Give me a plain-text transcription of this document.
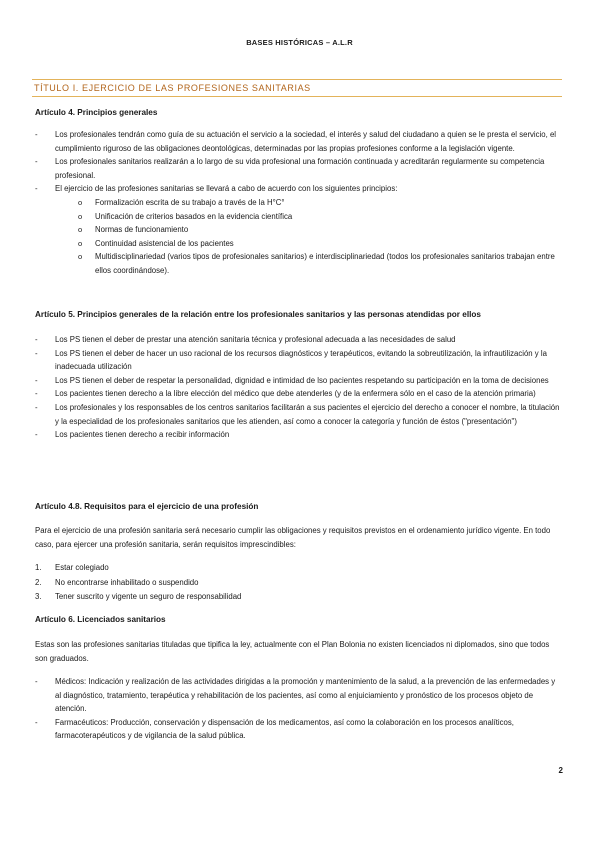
BASES HISTÓRICAS – A.L.R
TÍTULO I. EJERCICIO DE LAS PROFESIONES SANITARIAS
Artículo 4. Principios generales
- Los profesionales tendrán como guía de su actuación el servicio a la sociedad, el interés y salud del ciudadano a quien se le presta el servicio, el cumplimiento riguroso de las obligaciones deontológicas, determinadas por las propias profesiones conforme a la legislación vigente.
- Los profesionales sanitarios realizarán a lo largo de su vida profesional una formación continuada y acreditarán regularmente su competencia profesional.
- El ejercicio de las profesiones sanitarias se llevará a cabo de acuerdo con los siguientes principios:
o Formalización escrita de su trabajo a través de la H°C°
o Unificación de criterios basados en la evidencia científica
o Normas de funcionamiento
o Continuidad asistencial de los pacientes
o Multidisciplinariedad (varios tipos de profesionales sanitarios) e interdisciplinariedad (todos los profesionales sanitarios trabajan entre ellos coordinándose).
Artículo 5. Principios generales de la relación entre los profesionales sanitarios y las personas atendidas por ellos
- Los PS tienen el deber de prestar una atención sanitaria técnica y profesional adecuada a las necesidades de salud
- Los PS tienen el deber de hacer un uso racional de los recursos diagnósticos y terapéuticos, evitando la sobreutilización, la infrautilización y la inadecuada utilización
- Los PS tienen el deber de respetar la personalidad, dignidad e intimidad de lso pacientes respetando su participación en la toma de decisiones
- Los pacientes tienen derecho a la libre elección del médico que debe atenderles (y de la enfermera sólo en el caso de la atención primaria)
- Los profesionales y los responsables de los centros sanitarios facilitarán a sus pacientes el ejercicio del derecho a conocer el nombre, la titulación y la especialidad de los profesionales sanitarios que les atienden, así como a conocer la categoría y función de éstos ("presentación")
- Los pacientes tienen derecho a recibir información
Artículo 4.8. Requisitos para el ejercicio de una profesión
Para el ejercicio de una profesión sanitaria será necesario cumplir las obligaciones y requisitos previstos en el ordenamiento jurídico vigente. En todo caso, para ejercer una profesión sanitaria, serán requisitos imprescindibles:
1. Estar colegiado
2. No encontrarse inhabilitado o suspendido
3. Tener suscrito y vigente un seguro de responsabilidad
Artículo 6. Licenciados sanitarios
Estas son las profesiones sanitarias tituladas que tipifica la ley, actualmente con el Plan Bolonia no existen licenciados ni diplomados, sino que todos son graduados.
- Médicos: Indicación y realización de las actividades dirigidas a la promoción y mantenimiento de la salud, a la prevención de las enfermedades y al diagnóstico, tratamiento, terapéutica y rehabilitación de los pacientes, así como al enjuiciamiento y pronóstico de los procesos objeto de atención.
- Farmacéuticos: Producción, conservación y dispensación de los medicamentos, así como la colaboración en los procesos analíticos, farmacoterapéuticos y de vigilancia de la salud pública.
2
